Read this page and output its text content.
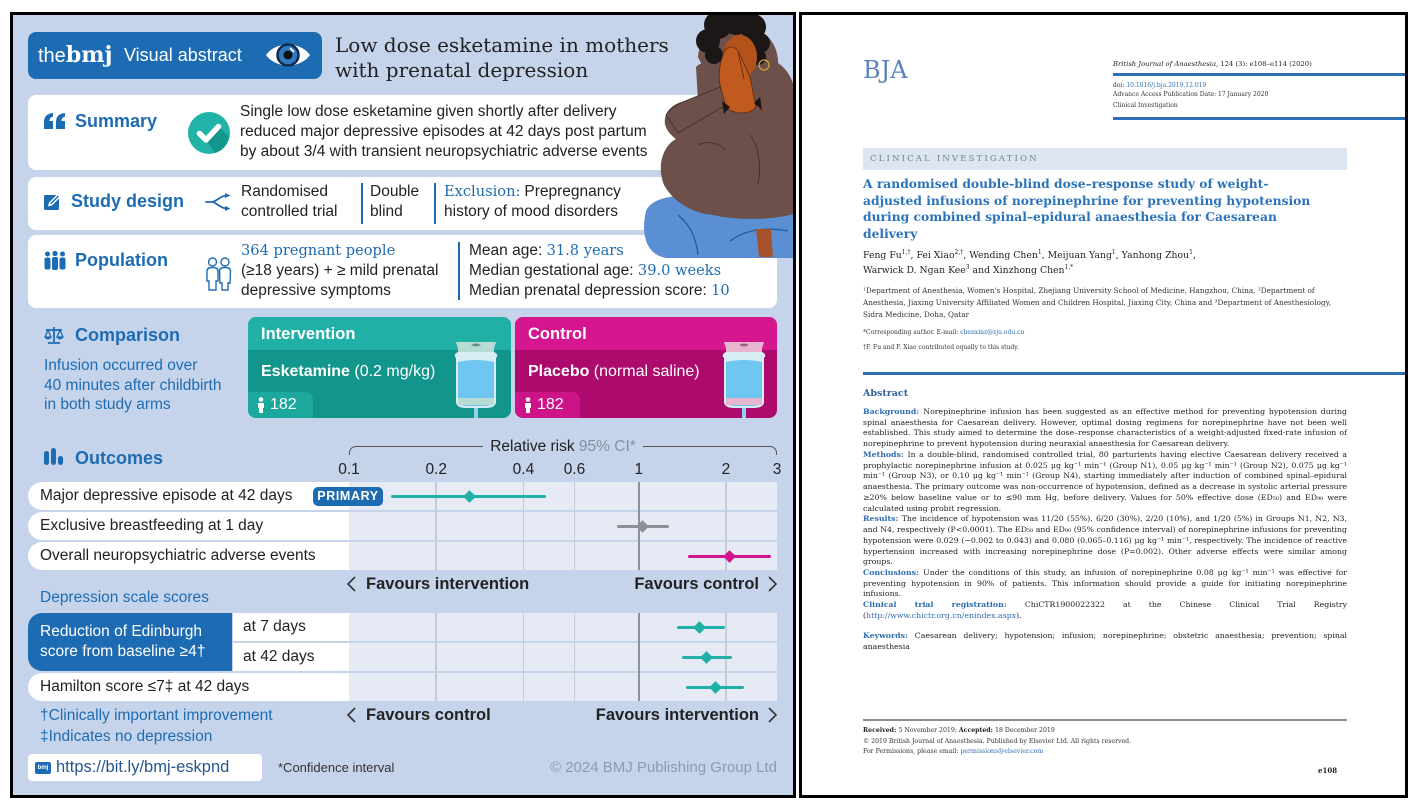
thebmj Visual abstract	Low dose esketamine in mothers
with prenatal depression
Summary	Single low dose esketamine given shortly after delivery
reduced major depressive episodes at 42 days post partum
by about 3/4 with transient neuropsychiatric adverse events
Study design	Randomised
controlled trial
Double
blind
Exclusion: Prepregnancy
history of mood disorders
Population	364 pregnant people
(≥18 years) + ≥ mild prenatal
depressive symptoms
Mean age: 31.8 years
Median gestational age: 39.0 weeks
Median prenatal depression score: 10
Comparison
Infusion occurred over
40 minutes after childbirth
in both study arms
Intervention
Esketamine (0.2 mg/kg)
182
Control
Placebo (normal saline)
182
Outcomes
Relative risk 95% CI*
0.1	0.2	0.4 0.6	1	2	3
Major depressive episode at 42 days	PRIMARY
Exclusive breastfeeding at 1 day
Overall neuropsychiatric adverse events
Favours intervention	Favours control
Depression scale scores
Reduction of Edinburgh
score from baseline ≥4†
at 7 days
at 42 days
Hamilton score ≤7‡ at 42 days
Favours control	Favours intervention
†Clinically important improvement
‡Indicates no depression
bmj https://bit.ly/bmj-eskpnd	*Confidence interval	© 2024 BMJ Publishing Group Ltd
BJA	British Journal of Anaesthesia, 124 (3): e108–e114 (2020)
doi: 10.1016/j.bja.2019.12.019
Advance Access Publication Date: 17 January 2020
Clinical Investigation
CLINICAL INVESTIGATION
A randomised double-blind dose–response study of weight-
adjusted infusions of norepinephrine for preventing hypotension
during combined spinal–epidural anaesthesia for Caesarean
delivery
Feng $Fu^{1,\dagger}$, Fei Xiao$^{2,\dagger}$, Wending Chen$^1$, Meijuan Yang$^1$, Yanhong Zhou$^1$,
Warwick D. Ngan Kee$^3$ and Xinzhong Chen$^{1,*}$
¹Department of Anesthesia, Women's Hospital, Zhejiang University School of Medicine, Hangzhou, China, ²Department of Anesthesia, Jiaxing University Affiliated Women and Children Hospital, Jiaxing City, China and ³Department of Anesthesiology, Sidra Medicine, Doha, Qatar
*Corresponding author. E-mail: chenxinz@zju.edu.cn
†F. Fu and F. Xiao contributed equally to this study.
Abstract

Background: Norepinephrine infusion has been suggested as an effective method for preventing hypotension during spinal anaesthesia for Caesarean delivery. However, optimal dosing regimens for norepinephrine have not been well established. This study aimed to determine the dose–response characteristics of a weight-adjusted fixed-rate infusion of norepinephrine to prevent hypotension during neuraxial anaesthesia for Caesarean delivery.

Methods: In a double-blind, randomised controlled trial, 80 parturients having elective Caesarean delivery received a prophylactic norepinephrine infusion at 0.025 μg kg⁻¹ min⁻¹ (Group N1), 0.05 μg kg⁻¹ min⁻¹ (Group N2), 0.075 μg kg⁻¹ min⁻¹ (Group N3), or 0.10 μg kg⁻¹ min⁻¹ (Group N4), starting immediately after induction of combined spinal–epidural anaesthesia. The primary outcome was non-occurrence of hypotension, defined as a decrease in systolic arterial pressure ≥20% below baseline value or to ≤90 mm Hg, before delivery. Values for 50% effective dose (ED₅₀) and ED₉₀ were calculated using probit regression.

Results: The incidence of hypotension was 11/20 (55%), 6/20 (30%), 2/20 (10%), and 1/20 (5%) in Groups N1, N2, N3, and N4, respectively (P<0.0001). The ED₅₀ and ED₉₀ (95% confidence interval) of norepinephrine infusions for preventing hypotension were 0.029 (−0.002 to 0.043) and 0.080 (0.065–0.116) μg kg⁻¹ min⁻¹, respectively. The incidence of reactive hypertension increased with increasing norepinephrine dose (P=0.002). Other adverse effects were similar among groups.

Conclusions: Under the conditions of this study, an infusion of norepinephrine 0.08 μg kg⁻¹ min⁻¹ was effective for preventing hypotension in 90% of patients. This information should provide a guide for initiating norepinephrine infusions.

Clinical trial registration: ChiCTR1900022322 at the Chinese Clinical Trial Registry (http://www.chictr.org.cn/enindex.aspx).

Keywords: Caesarean delivery; hypotension; infusion; norepinephrine; obstetric anaesthesia; prevention; spinal anaesthesia

Received: 5 November 2019; Accepted: 18 December 2019
© 2019 British Journal of Anaesthesia. Published by Elsevier Ltd. All rights reserved.
For Permissions, please email: permissions@elsevier.com
e108
